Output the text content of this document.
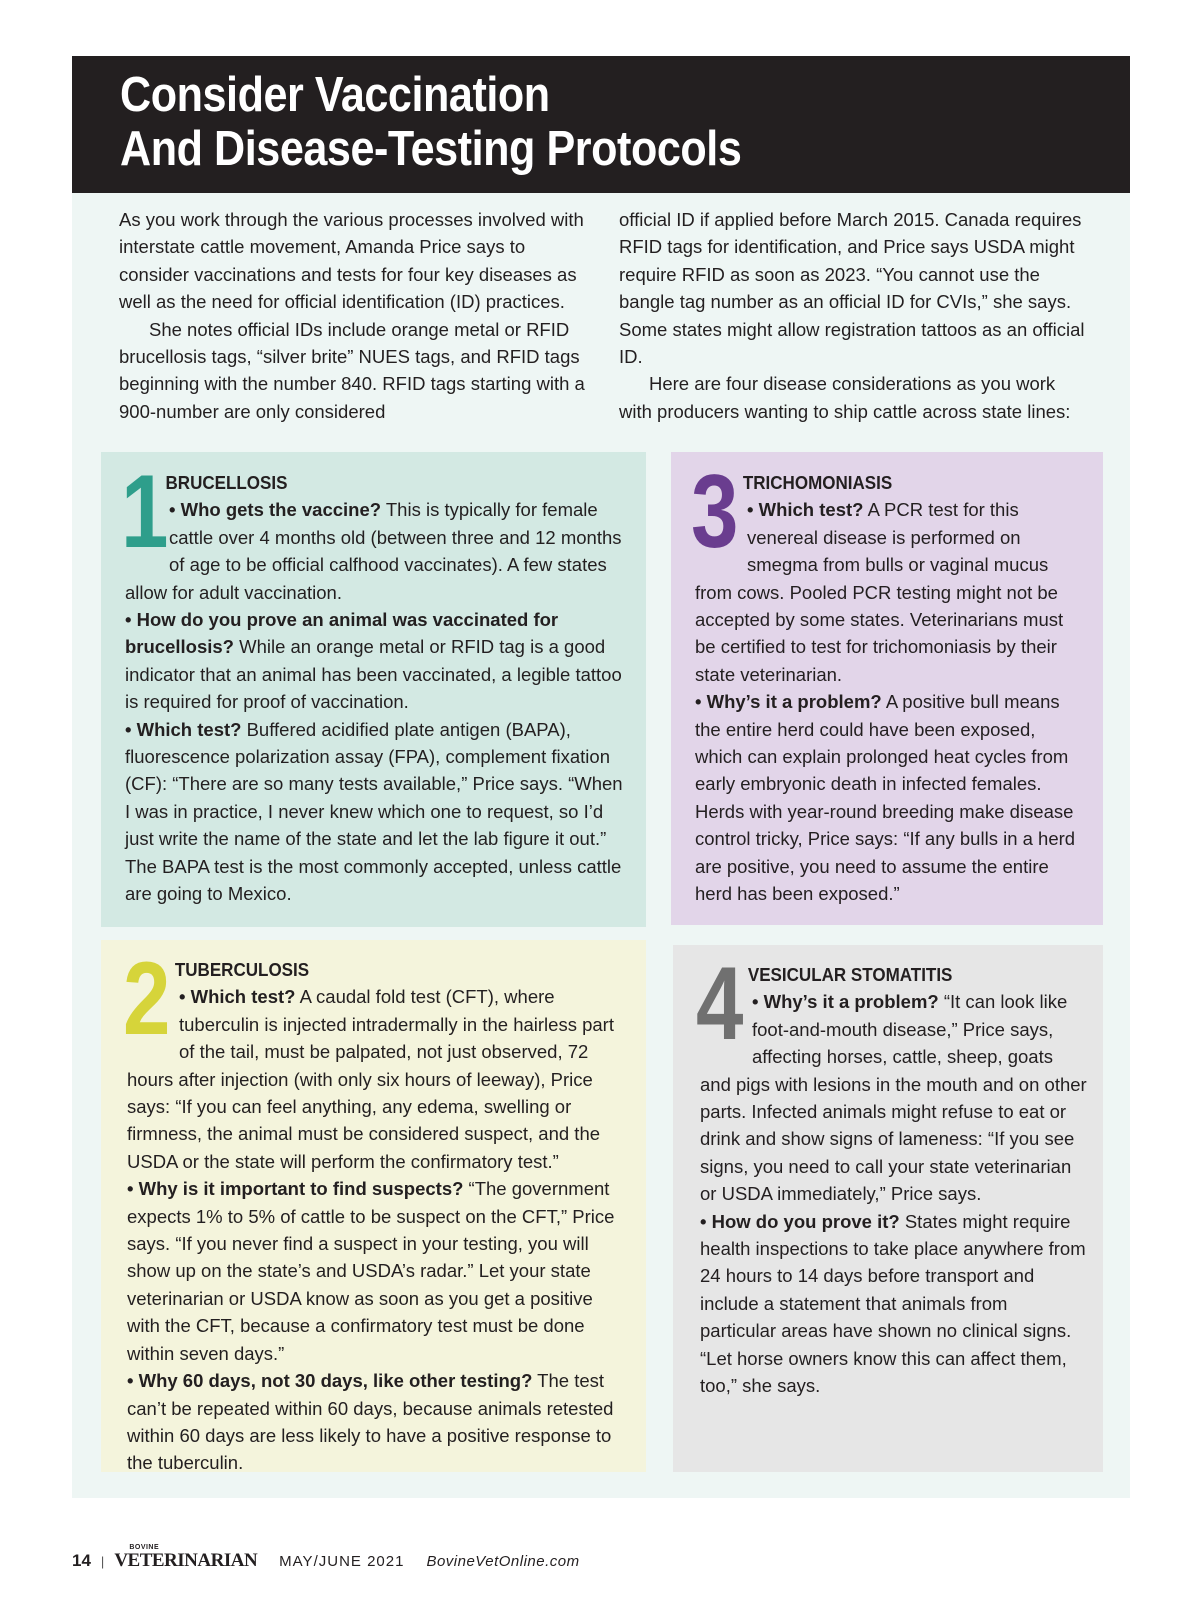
Consider Vaccination
And Disease-Testing Protocols

As you work through the various processes involved with interstate cattle movement, Amanda Price says to consider vaccinations and tests for four key diseases as well as the need for official identification (ID) practices.

She notes official IDs include orange metal or RFID brucellosis tags, “silver brite” NUES tags, and RFID tags beginning with the number 840. RFID tags starting with a 900-number are only considered

official ID if applied before March 2015. Canada requires RFID tags for identification, and Price says USDA might require RFID as soon as 2023. “You cannot use the bangle tag number as an official ID for CVIs,” she says. Some states might allow registration tattoos as an official ID.

Here are four disease considerations as you work with producers wanting to ship cattle across state lines:

1
BRUCELLOSIS

• Who gets the vaccine? This is typically for female cattle over 4 months old (between three and 12 months of age to be official calfhood vaccinates). A few states allow for adult vaccination.

• How do you prove an animal was vaccinated for brucellosis? While an orange metal or RFID tag is a good indicator that an animal has been vaccinated, a legible tattoo is required for proof of vaccination.

• Which test? Buffered acidified plate antigen (BAPA), fluorescence polarization assay (FPA), complement fixation (CF): “There are so many tests available,” Price says. “When I was in practice, I never knew which one to request, so I’d just write the name of the state and let the lab figure it out.” The BAPA test is the most commonly accepted, unless cattle are going to Mexico.

3 TRICHOMONIASIS

• Which test? A PCR test for this venereal disease is performed on smegma from bulls or vaginal mucus from cows. Pooled PCR testing might not be accepted by some states. Veterinarians must be certified to test for trichomoniasis by their state veterinarian.

• Why’s it a problem? A positive bull means the entire herd could have been exposed, which can explain prolonged heat cycles from early embryonic death in infected females. Herds with year-round breeding make disease control tricky, Price says: “If any bulls in a herd are positive, you need to assume the entire herd has been exposed.”

2 TUBERCULOSIS

• Which test? A caudal fold test (CFT), where tuberculin is injected intradermally in the hairless part of the tail, must be palpated, not just observed, 72 hours after injection (with only six hours of leeway), Price says: “If you can feel anything, any edema, swelling or firmness, the animal must be considered suspect, and the USDA or the state will perform the confirmatory test.”

• Why is it important to find suspects? “The government expects 1% to 5% of cattle to be suspect on the CFT,” Price says. “If you never find a suspect in your testing, you will show up on the state’s and USDA’s radar.” Let your state veterinarian or USDA know as soon as you get a positive with the CFT, because a confirmatory test must be done within seven days.”

• Why 60 days, not 30 days, like other testing? The test can’t be repeated within 60 days, because animals retested within 60 days are less likely to have a positive response to the tuberculin.

4 VESICULAR STOMATITIS

• Why’s it a problem? “It can look like foot-and-mouth disease,” Price says, affecting horses, cattle, sheep, goats and pigs with lesions in the mouth and on other parts. Infected animals might refuse to eat or drink and show signs of lameness: “If you see signs, you need to call your state veterinarian or USDA immediately,” Price says.

• How do you prove it? States might require health inspections to take place anywhere from 24 hours to 14 days before transport and include a statement that animals from particular areas have shown no clinical signs. “Let horse owners know this can affect them, too,” she says.

14 |
BOVINE
VETERINARIAN MAY/JUNE 2021 BovineVetOnline.com
